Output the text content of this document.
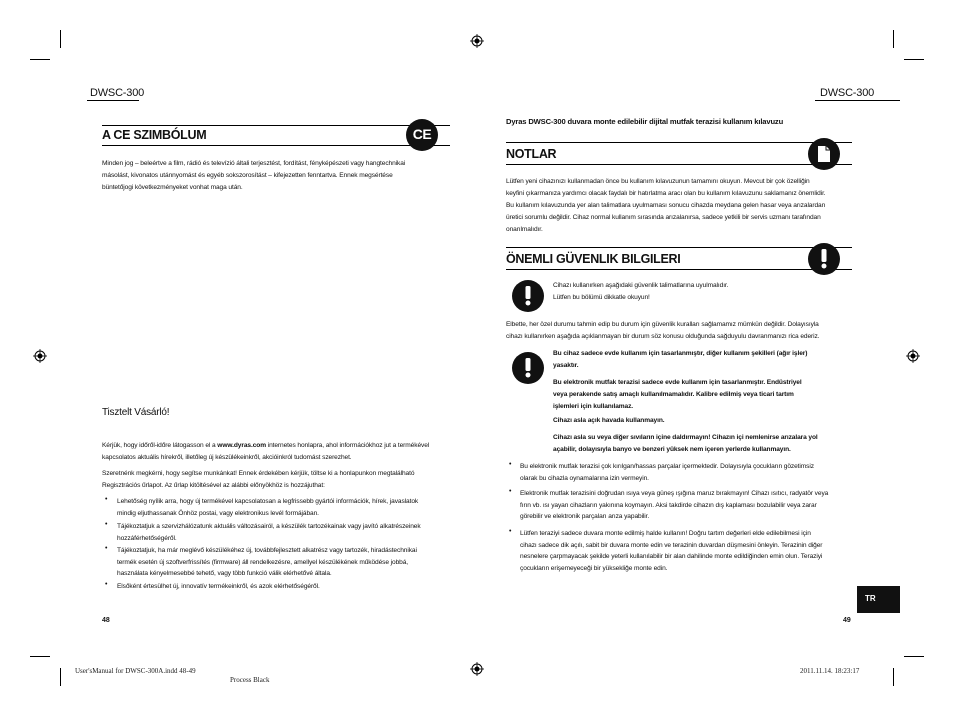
DWSC-300
A CE SZIMBÓLUM	CE
Minden jog – beleértve a film, rádió és televízió általi terjesztést, fordítást, fényképészeti vagy hangtechnikai
másolást, kivonatos utánnyomást és egyéb sokszorosítást – kifejezetten fenntartva. Ennek megsértése
büntetőjogi következményeket vonhat maga után.
Tisztelt Vásárló!
Kérjük, hogy időről-időre látogasson el a www.dyras.com internetes honlapra, ahol információkhoz jut a termékével
kapcsolatos aktuális hírekről, illetőleg új készülékeinkről, akcióinkról tudomást szerezhet.
Szeretnénk megkérni, hogy segítse munkánkat! Ennek érdekében kérjük, töltse ki a honlapunkon megtalálható
Regisztrációs űrlapot. Az űrlap kitöltésével az alábbi előnyökhöz is hozzájuthat:
• Lehetőség nyílik arra, hogy új termékével kapcsolatosan a legfrissebb gyártói információk, hírek, javaslatok
mindig eljuthassanak Önhöz postai, vagy elektronikus levél formájában.
• Tájékoztatjuk a szervizhálózatunk aktuális változásairól, a készülék tartozékainak vagy javító alkatrészeinek
hozzáférhetőségéről.
• Tájékoztatjuk, ha már meglévő készülékéhez új, továbbfejlesztett alkatrész vagy tartozék, hiradástechnikai
termék esetén új szoftverfrissítés (firmware) áll rendelkezésre, amellyel készülékének működése jobbá,
használata kényelmesebbé tehető, vagy több funkció válik elérhetővé általa.
• Elsőként értesülhet új, innovatív termékeinkről, és azok elérhetőségéről.
48
DWSC-300
Dyras DWSC-300 duvara monte edilebilir dijital mutfak terazisi kullanım kılavuzu
NOTLAR
Lütfen yeni cihazınızı kullanmadan önce bu kullanım kılavuzunun tamamını okuyun. Mevcut bir çok özelliğin
keyfini çıkarmanıza yardımcı olacak faydalı bir hatırlatma aracı olan bu kullanım kılavuzunu saklamanız önemlidir.
Bu kullanım kılavuzunda yer alan talimatlara uyulmaması sonucu cihazda meydana gelen hasar veya arızalardan
üretici sorumlu değildir. Cihaz normal kullanım sırasında arızalanırsa, sadece yetkili bir servis uzmanı tarafından
onarılmalıdır.
ÖNEMLI GÜVENLIK BILGILERI
Cihazı kullanırken aşağıdaki güvenlik talimatlarına uyulmalıdır.
Lütfen bu bölümü dikkatle okuyun!
Elbette, her özel durumu tahmin edip bu durum için güvenlik kuralları sağlamamız mümkün değildir. Dolayısıyla
cihazı kullanırken aşağıda açıklanmayan bir durum söz konusu olduğunda sağduyulu davranmanızı rica ederiz.
Bu cihaz sadece evde kullanım için tasarlanmıştır, diğer kullanım şekilleri (ağır işler)
yasaktır.
Bu elektronik mutfak terazisi sadece evde kullanım için tasarlanmıştır. Endüstriyel
veya perakende satış amaçlı kullanılmamalıdır. Kalibre edilmiş veya ticari tartım
işlemleri için kullanılamaz.
Cihazı asla açık havada kullanmayın.
Cihazı asla su veya diğer sıvıların içine daldırmayın! Cihazın içi nemlenirse arızalara yol
açabilir, dolayısıyla banyo ve benzeri yüksek nem içeren yerlerde kullanmayın.
• Bu elektronik mutfak terazisi çok kırılgan/hassas parçalar içermektedir. Dolayısıyla çocukların gözetimsiz
olarak bu cihazla oynamalarına izin vermeyin.
• Elektronik mutfak terazisini doğrudan ısıya veya güneş ışığına maruz bırakmayın! Cihazı ısıtıcı, radyatör veya
fırın vb. ısı yayan cihazların yakınına koymayın. Aksi takdirde cihazın dış kaplaması bozulabilir veya zarar
görebilir ve elektronik parçaları arıza yapabilir.
• Lütfen teraziyi sadece duvara monte edilmiş halde kullanın! Doğru tartım değerleri elde edilebilmesi için
cihazı sadece dik açılı, sabit bir duvara monte edin ve terazinin duvardan düşmesini önleyin. Terazinin diğer
nesnelere çarpmayacak şekilde yeterli kullanılabilir bir alan dahilinde monte edildiğinden emin olun. Teraziyi
çocukların erişemeyeceği bir yüksekliğe monte edin.
TR
49
User'sManual for DWSC-300A.indd 48-49
Process Black
2011.11.14. 18:23:17
